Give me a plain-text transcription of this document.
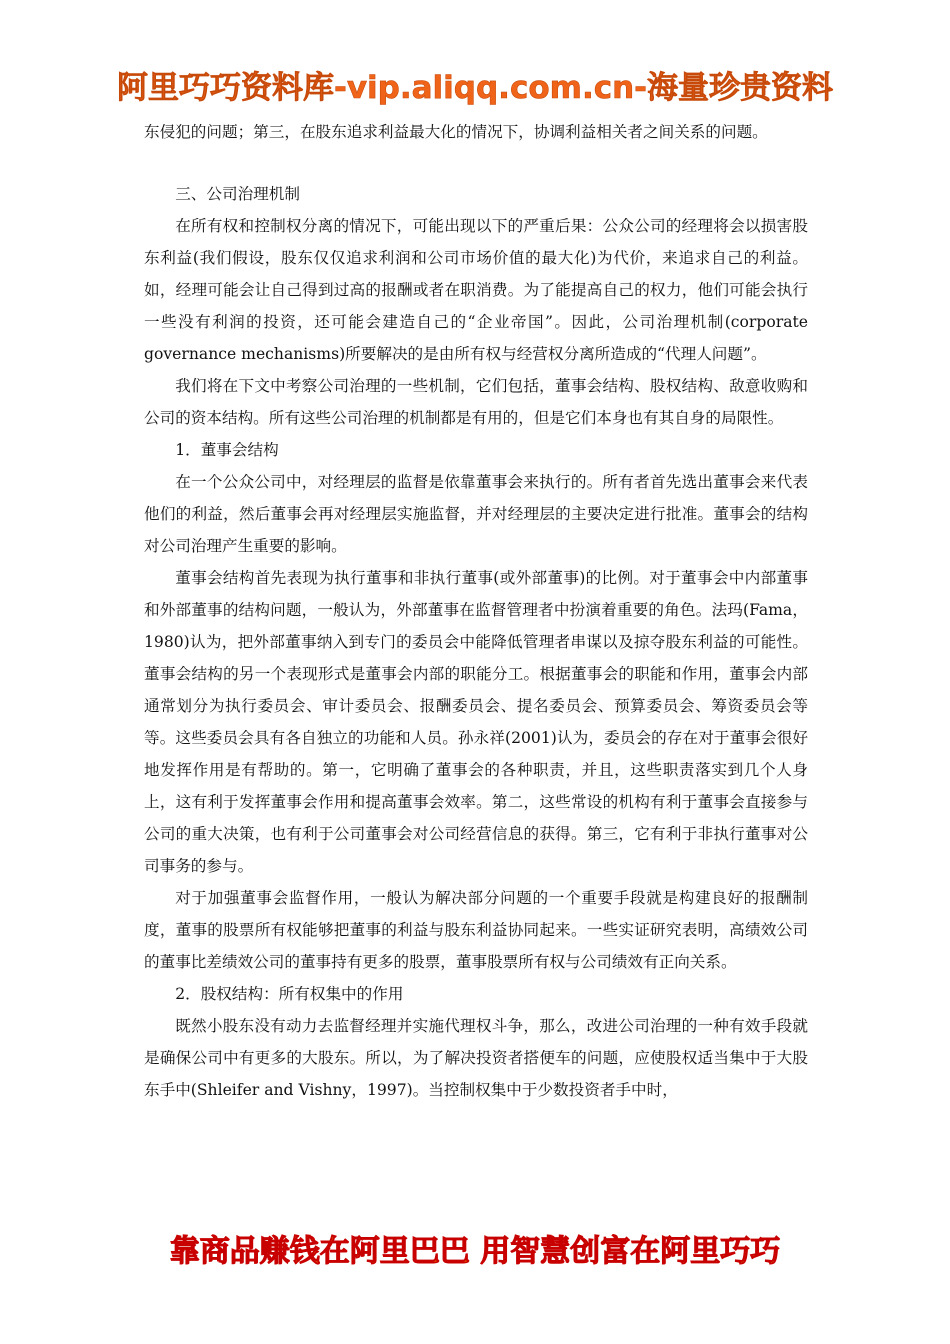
阿里巧巧资料库-vip.aliqq.com.cn-海量珍贵资料

东侵犯的问题；第三，在股东追求利益最大化的情况下，协调利益相关者之间关系的问题。

三、公司治理机制

在所有权和控制权分离的情况下，可能出现以下的严重后果：公众公司的经理将会以损害股东利益(我们假设，股东仅仅追求利润和公司市场价值的最大化)为代价，来追求自己的利益。如，经理可能会让自己得到过高的报酬或者在职消费。为了能提高自己的权力，他们可能会执行一些没有利润的投资，还可能会建造自己的“企业帝国”。因此，公司治理机制(corporate governance mechanisms)所要解决的是由所有权与经营权分离所造成的“代理人问题”。

我们将在下文中考察公司治理的一些机制，它们包括，董事会结构、股权结构、敌意收购和公司的资本结构。所有这些公司治理的机制都是有用的，但是它们本身也有其自身的局限性。

1．董事会结构

在一个公众公司中，对经理层的监督是依靠董事会来执行的。所有者首先选出董事会来代表他们的利益，然后董事会再对经理层实施监督，并对经理层的主要决定进行批准。董事会的结构对公司治理产生重要的影响。

董事会结构首先表现为执行董事和非执行董事(或外部董事)的比例。对于董事会中内部董事和外部董事的结构问题，一般认为，外部董事在监督管理者中扮演着重要的角色。法玛(Fama，1980)认为，把外部董事纳入到专门的委员会中能降低管理者串谋以及掠夺股东利益的可能性。董事会结构的另一个表现形式是董事会内部的职能分工。根据董事会的职能和作用，董事会内部通常划分为执行委员会、审计委员会、报酬委员会、提名委员会、预算委员会、筹资委员会等等。这些委员会具有各自独立的功能和人员。孙永祥(2001)认为，委员会的存在对于董事会很好地发挥作用是有帮助的。第一，它明确了董事会的各种职责，并且，这些职责落实到几个人身上，这有利于发挥董事会作用和提高董事会效率。第二，这些常设的机构有利于董事会直接参与公司的重大决策，也有利于公司董事会对公司经营信息的获得。第三，它有利于非执行董事对公司事务的参与。

对于加强董事会监督作用，一般认为解决部分问题的一个重要手段就是构建良好的报酬制度，董事的股票所有权能够把董事的利益与股东利益协同起来。一些实证研究表明，高绩效公司的董事比差绩效公司的董事持有更多的股票，董事股票所有权与公司绩效有正向关系。

2．股权结构：所有权集中的作用

既然小股东没有动力去监督经理并实施代理权斗争，那么，改进公司治理的一种有效手段就是确保公司中有更多的大股东。所以，为了解决投资者搭便车的问题，应使股权适当集中于大股东手中(Shleifer and Vishny，1997)。当控制权集中于少数投资者手中时，

靠商品赚钱在阿里巴巴 用智慧创富在阿里巧巧
